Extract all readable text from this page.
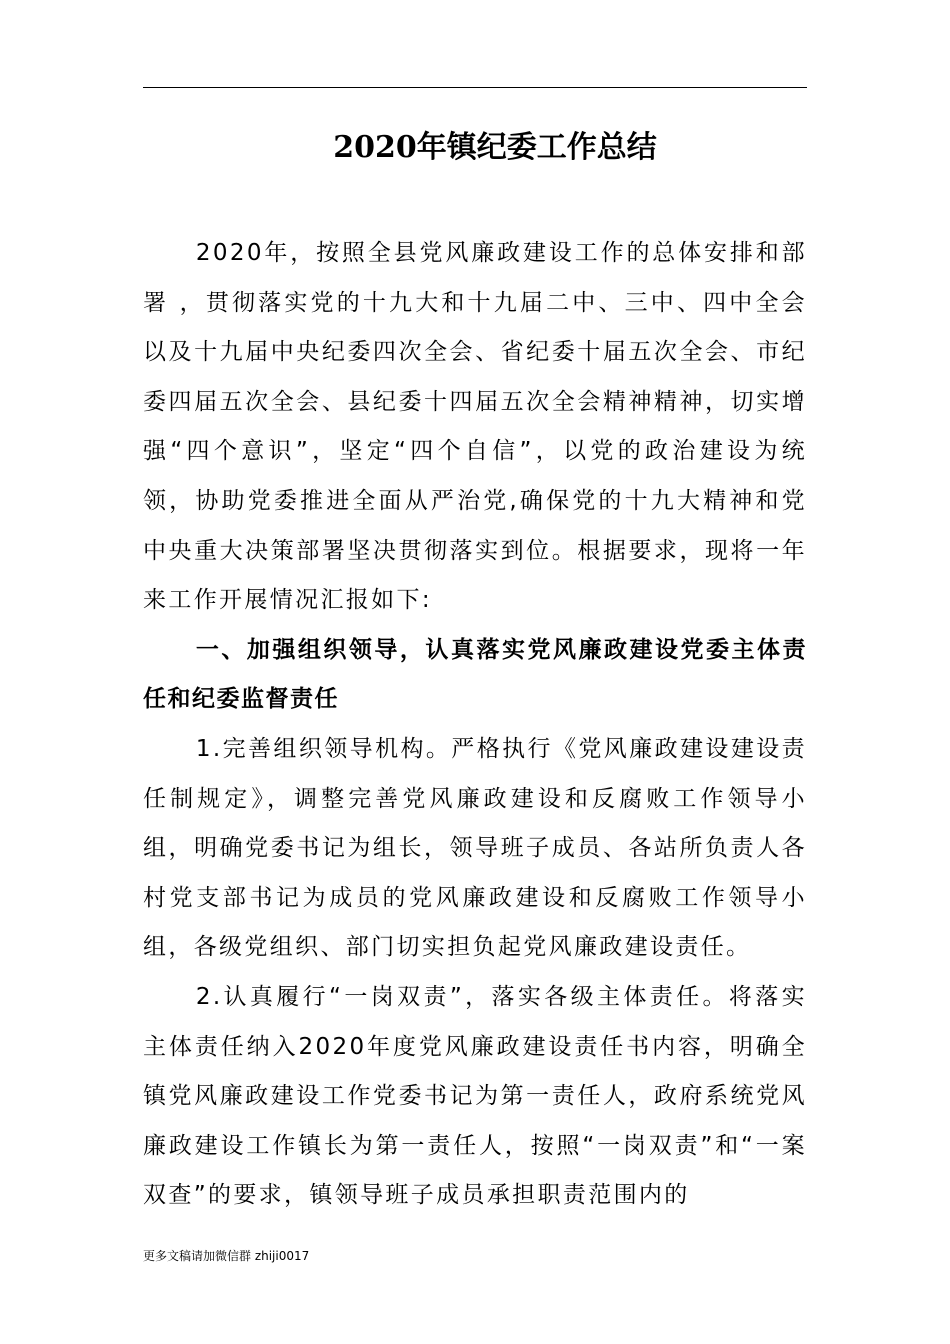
2020年镇纪委工作总结

2020年，按照全县党风廉政建设工作的总体安排和部署 ，贯彻落实党的十九大和十九届二中、三中、四中全会以及十九届中央纪委四次全会、省纪委十届五次全会、市纪委四届五次全会、县纪委十四届五次全会精神精神，切实增强“四个意识”，坚定“四个自信”，以党的政治建设为统领，协助党委推进全面从严治党,确保党的十九大精神和党中央重大决策部署坚决贯彻落实到位。根据要求，现将一年来工作开展情况汇报如下:

一、加强组织领导，认真落实党风廉政建设党委主体责任和纪委监督责任

1.完善组织领导机构。严格执行《党风廉政建设建设责任制规定》，调整完善党风廉政建设和反腐败工作领导小组，明确党委书记为组长，领导班子成员、各站所负责人各村党支部书记为成员的党风廉政建设和反腐败工作领导小组，各级党组织、部门切实担负起党风廉政建设责任。

2.认真履行“一岗双责”，落实各级主体责任。将落实主体责任纳入2020年度党风廉政建设责任书内容，明确全镇党风廉政建设工作党委书记为第一责任人，政府系统党风廉政建设工作镇长为第一责任人，按照“一岗双责”和“一案双查”的要求，镇领导班子成员承担职责范围内的

更多文稿请加微信群 zhiji0017
